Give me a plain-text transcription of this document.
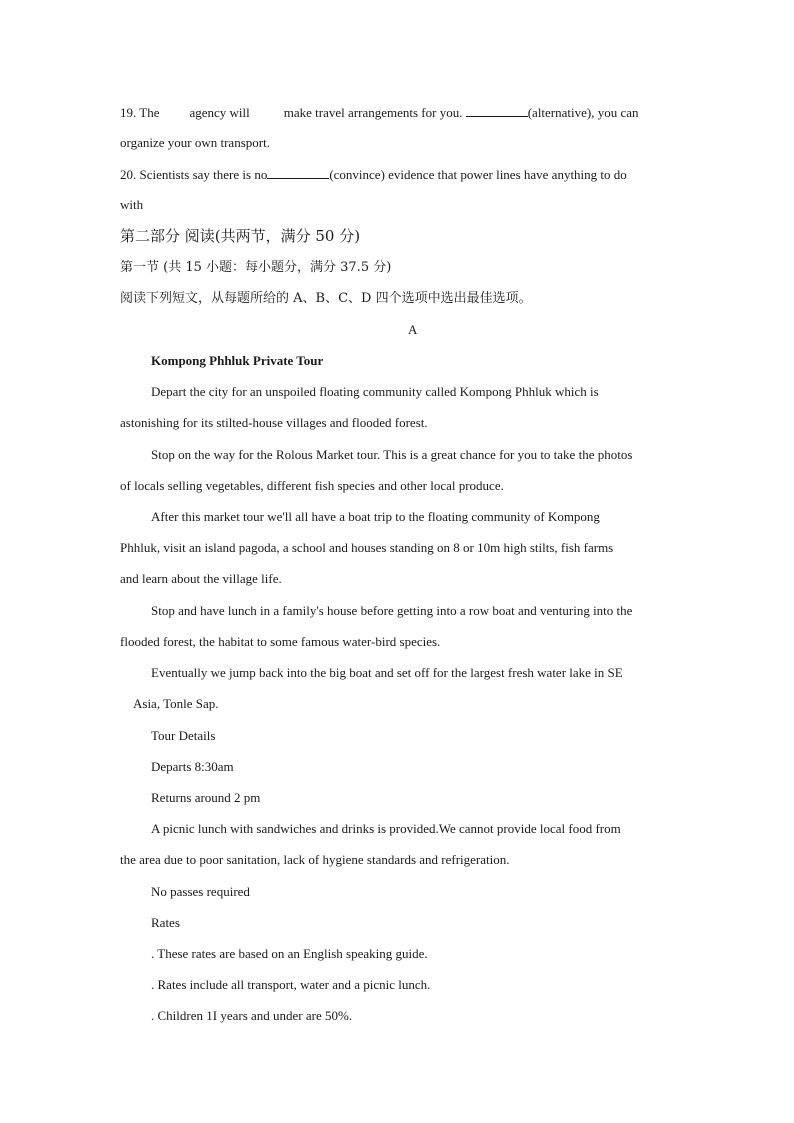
19. The agency will	make travel arrangements for you.	(alternative), you can
organize your own transport.
20. Scientists say there is no	(convince) evidence that power lines have anything to do
with
第二部分 阅读(共两节，满分 50 分)
第一节 (共 15 小题：每小题分，满分 37.5 分)
阅读下列短文，从每题所给的 A、B、C、D 四个选项中选出最佳选项。
A
Kompong Phhluk Private Tour
Depart the city for an unspoiled floating community called Kompong Phhluk which is
astonishing for its stilted-house villages and flooded forest.
Stop on the way for the Rolous Market tour. This is a great chance for you to take the photos
of locals selling vegetables, different fish species and other local produce.
After this market tour we'll all have a boat trip to the floating community of Kompong
Phhluk, visit an island pagoda, a school and houses standing on 8 or 10m high stilts, fish farms
and learn about the village life.
Stop and have lunch in a family's house before getting into a row boat and venturing into the
flooded forest, the habitat to some famous water-bird species.
Eventually we jump back into the big boat and set off for the largest fresh water lake in SE
Asia, Tonle Sap.
Tour Details
Departs 8:30am
Returns around 2 pm
A picnic lunch with sandwiches and drinks is provided.We cannot provide local food from
the area due to poor sanitation, lack of hygiene standards and refrigeration.
No passes required
Rates
. These rates are based on an English speaking guide.
. Rates include all transport, water and a picnic lunch.
. Children 1I years and under are 50%.
